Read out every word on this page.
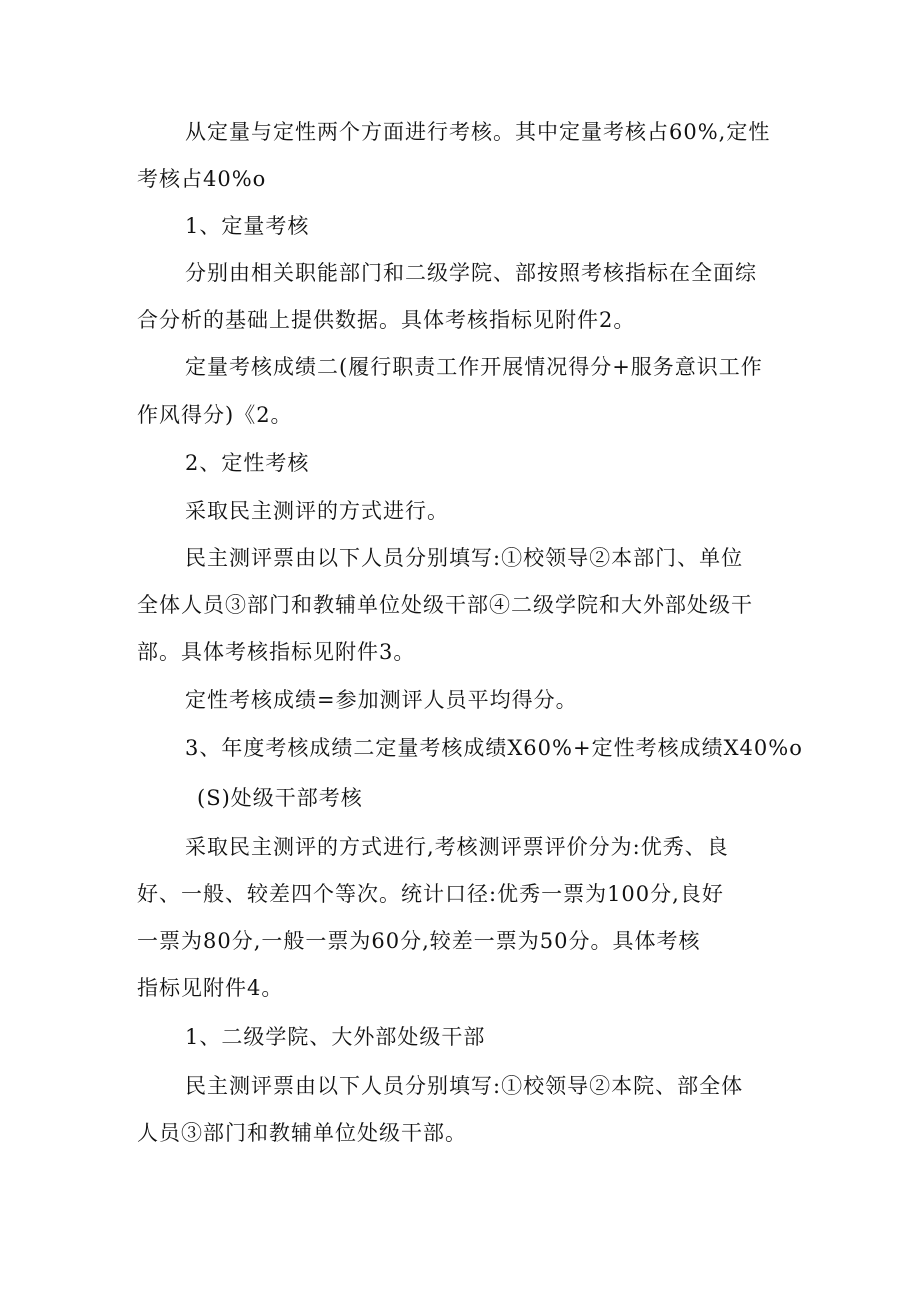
从定量与定性两个方面进行考核。其中定量考核占60%,定性
考核占40%o
1、定量考核
分别由相关职能部门和二级学院、部按照考核指标在全面综
合分析的基础上提供数据。具体考核指标见附件2。
定量考核成绩二(履行职责工作开展情况得分+服务意识工作
作风得分)《2。
2、定性考核
采取民主测评的方式进行。
民主测评票由以下人员分别填写:①校领导②本部门、单位
全体人员③部门和教辅单位处级干部④二级学院和大外部处级干
部。具体考核指标见附件3。
定性考核成绩=参加测评人员平均得分。
3、年度考核成绩二定量考核成绩X60%+定性考核成绩X40%o
(S)处级干部考核
采取民主测评的方式进行,考核测评票评价分为:优秀、良
好、一般、较差四个等次。统计口径:优秀一票为100分,良好
一票为80分,一般一票为60分,较差一票为50分。具体考核
指标见附件4。
1、二级学院、大外部处级干部
民主测评票由以下人员分别填写:①校领导②本院、部全体
人员③部门和教辅单位处级干部。
